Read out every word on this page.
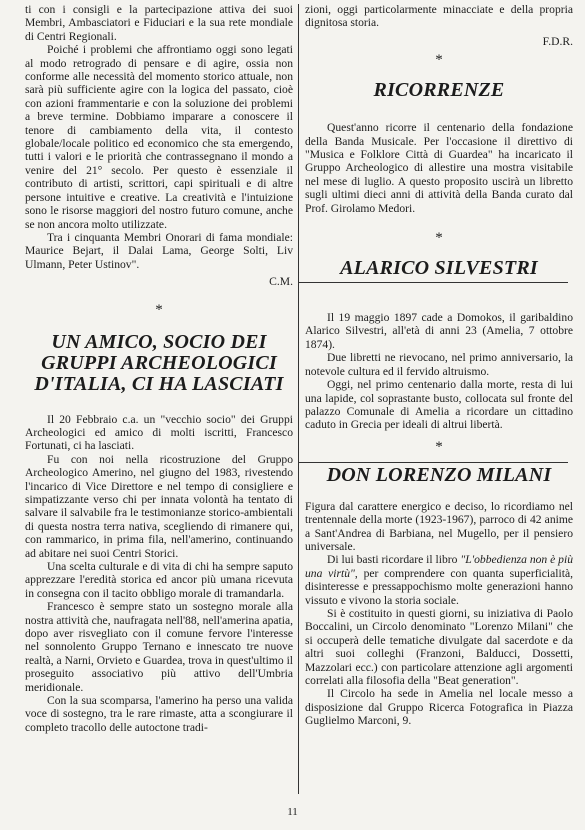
ti con i consigli e la partecipazione attiva dei suoi Membri, Ambasciatori e Fiduciari e la sua rete mondiale di Centri Regionali.

Poiché i problemi che affrontiamo oggi sono legati al modo retrogrado di pensare e di agire, ossia non conforme alle necessità del momento storico attuale, non sarà più sufficiente agire con la logica del passato, cioè con azioni frammentarie e con la soluzione dei problemi a breve termine. Dobbiamo imparare a conoscere il tenore di cambiamento della vita, il contesto globale/locale politico ed economico che sta emergendo, tutti i valori e le priorità che contrassegnano il mondo a venire del 21° secolo. Per questo è essenziale il contributo di artisti, scrittori, capi spirituali e di altre persone intuitive e creative. La creatività e l'intuizione sono le risorse maggiori del nostro futuro comune, anche se non ancora molto utilizzate.

Tra i cinquanta Membri Onorari di fama mondiale: Maurice Bejart, il Dalai Lama, George Solti, Liv Ulmann, Peter Ustinov".

C.M.

*
UN AMICO, SOCIO DEI GRUPPI ARCHEOLOGICI D'ITALIA, CI HA LASCIATI

Il 20 Febbraio c.a. un "vecchio socio" dei Gruppi Archeologici ed amico di molti iscritti, Francesco Fortunati, ci ha lasciati.

Fu con noi nella ricostruzione del Gruppo Archeologico Amerino, nel giugno del 1983, rivestendo l'incarico di Vice Direttore e nel tempo di consigliere e simpatizzante verso chi per innata volontà ha tentato di salvare il salvabile fra le testimonianze storico-ambientali di questa nostra terra nativa, scegliendo di rimanere qui, con rammarico, in prima fila, nell'amerino, continuando ad abitare nei suoi Centri Storici.

Una scelta culturale e di vita di chi ha sempre saputo apprezzare l'eredità storica ed ancor più umana ricevuta in consegna con il tacito obbligo morale di tramandarla.

Francesco è sempre stato un sostegno morale alla nostra attività che, naufragata nell'88, nell'amerina apatia, dopo aver risvegliato con il comune fervore l'interesse nel sonnolento Gruppo Ternano e innescato tre nuove realtà, a Narni, Orvieto e Guardea, trova in quest'ultimo il proseguito associativo più attivo dell'Umbria meridionale.

Con la sua scomparsa, l'amerino ha perso una valida voce di sostegno, tra le rare rimaste, atta a scongiurare il completo tracollo delle autoctone tradi-

zioni, oggi particolarmente minacciate e della propria dignitosa storia.

F.D.R.

*
RICORRENZE

Quest'anno ricorre il centenario della fondazione della Banda Musicale. Per l'occasione il direttivo di "Musica e Folklore Città di Guardea" ha incaricato il Gruppo Archeologico di allestire una mostra visitabile nel mese di luglio. A questo proposito uscirà un libretto sugli ultimi dieci anni di attività della Banda curato dal Prof. Girolamo Medori.

*
ALARICO SILVESTRI

Il 19 maggio 1897 cade a Domokos, il garibaldino Alarico Silvestri, all'età di anni 23 (Amelia, 7 ottobre 1874).

Due libretti ne rievocano, nel primo anniversario, la notevole cultura ed il fervido altruismo.

Oggi, nel primo centenario dalla morte, resta di lui una lapide, col soprastante busto, collocata sul fronte del palazzo Comunale di Amelia a ricordare un cittadino caduto in Grecia per ideali di altrui libertà.

*
DON LORENZO MILANI

Figura dal carattere energico e deciso, lo ricordiamo nel trentennale della morte (1923-1967), parroco di 42 anime a Sant'Andrea di Barbiana, nel Mugello, per il pensiero universale.

Di lui basti ricordare il libro "L'obbedienza non è più una virtù", per comprendere con quanta superficialità, disinteresse e pressappochismo molte generazioni hanno vissuto e vivono la storia sociale.

Si è costituito in questi giorni, su iniziativa di Paolo Boccalini, un Circolo denominato "Lorenzo Milani" che si occuperà delle tematiche divulgate dal sacerdote e da altri suoi colleghi (Franzoni, Balducci, Dossetti, Mazzolari ecc.) con particolare attenzione agli argomenti correlati alla filosofia della "Beat generation".

Il Circolo ha sede in Amelia nel locale messo a disposizione dal Gruppo Ricerca Fotografica in Piazza Guglielmo Marconi, 9.

11
